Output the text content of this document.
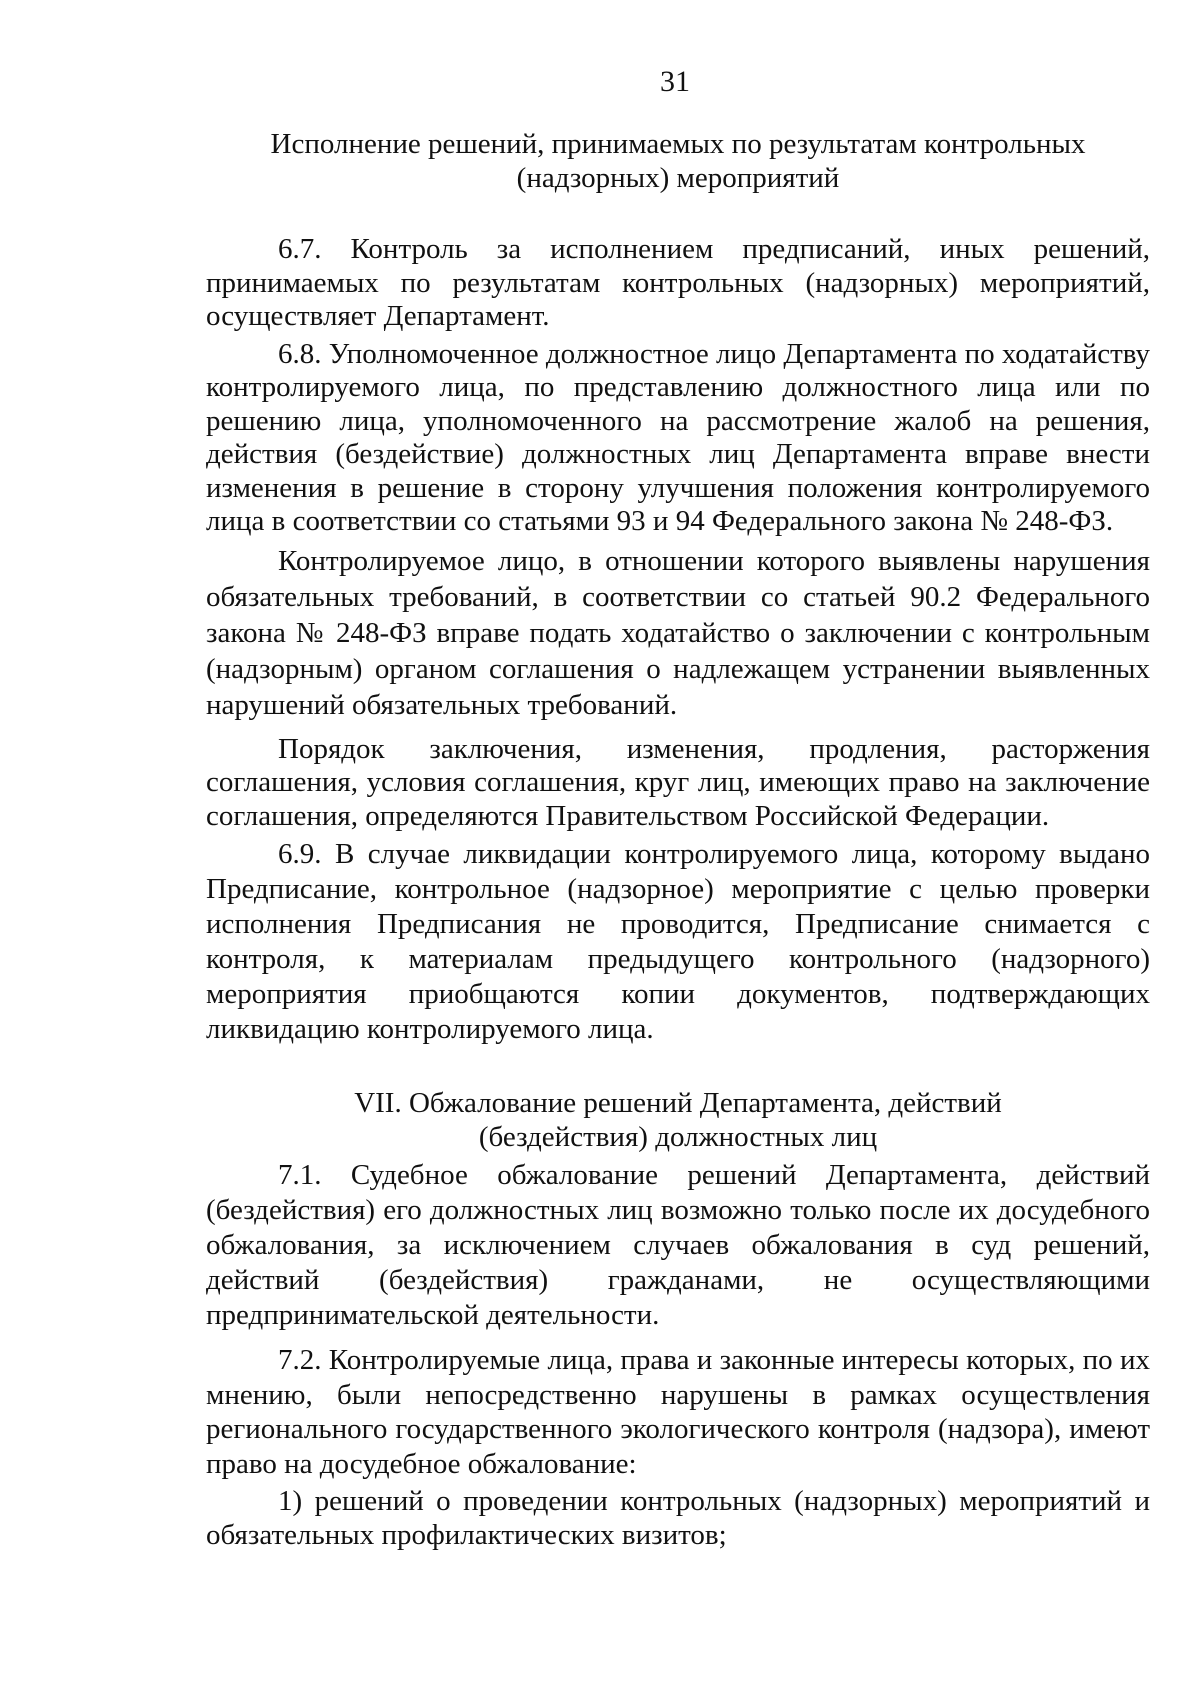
31
Исполнение решений, принимаемых по результатам контрольных
(надзорных) мероприятий

6.7. Контроль за исполнением предписаний, иных решений, принимаемых по результатам контрольных (надзорных) мероприятий, осуществляет Департамент.

6.8. Уполномоченное должностное лицо Департамента по ходатайству контролируемого лица, по представлению должностного лица или по решению лица, уполномоченного на рассмотрение жалоб на решения, действия (бездействие) должностных лиц Департамента вправе внести изменения в решение в сторону улучшения положения контролируемого лица в соответствии со статьями 93 и 94 Федерального закона № 248-ФЗ.

Контролируемое лицо, в отношении которого выявлены нарушения обязательных требований, в соответствии со статьей 90.2 Федерального закона № 248-ФЗ вправе подать ходатайство о заключении с контрольным (надзорным) органом соглашения о надлежащем устранении выявленных нарушений обязательных требований.

Порядок заключения, изменения, продления, расторжения соглашения, условия соглашения, круг лиц, имеющих право на заключение соглашения, определяются Правительством Российской Федерации.

6.9. В случае ликвидации контролируемого лица, которому выдано Предписание, контрольное (надзорное) мероприятие с целью проверки исполнения Предписания не проводится, Предписание снимается с контроля, к материалам предыдущего контрольного (надзорного) мероприятия приобщаются копии документов, подтверждающих ликвидацию контролируемого лица.

VII. Обжалование решений Департамента, действий
(бездействия) должностных лиц

7.1. Судебное обжалование решений Департамента, действий (бездействия) его должностных лиц возможно только после их досудебного обжалования, за исключением случаев обжалования в суд решений, действий (бездействия) гражданами, не осуществляющими предпринимательской деятельности.

7.2. Контролируемые лица, права и законные интересы которых, по их мнению, были непосредственно нарушены в рамках осуществления регионального государственного экологического контроля (надзора), имеют право на досудебное обжалование:

1) решений о проведении контрольных (надзорных) мероприятий и обязательных профилактических визитов;
